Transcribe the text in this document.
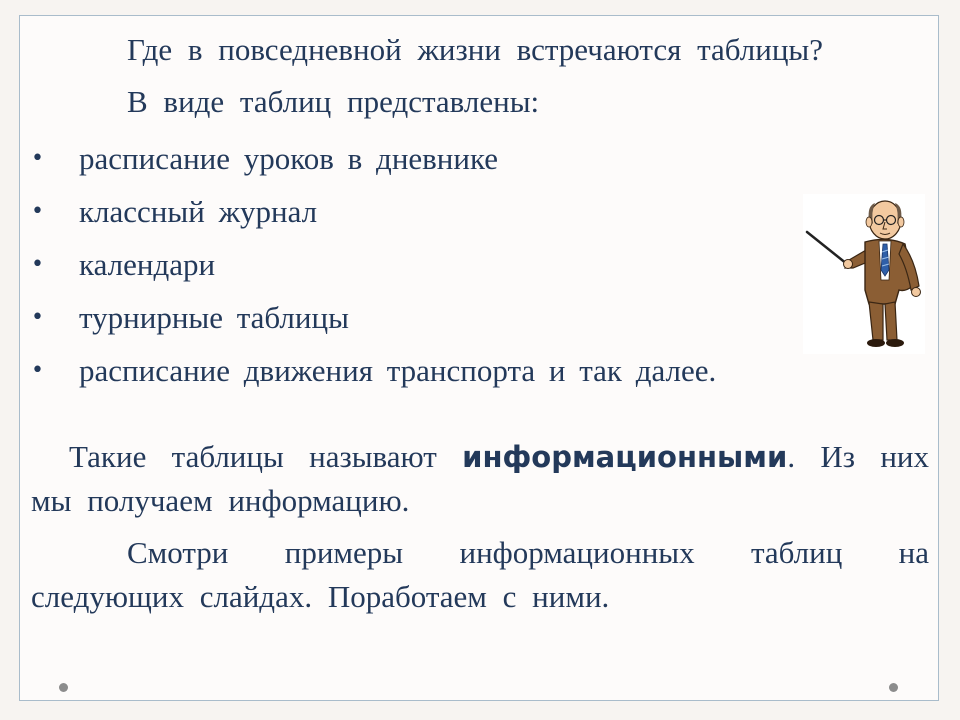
Где в повседневной жизни встречаются таблицы?
В виде таблиц представлены:
• расписание уроков в дневнике
• классный журнал
• календари
• турнирные таблицы
• расписание движения транспорта и так далее.
Такие таблицы называют информационными. Из них мы получаем информацию.
Смотри примеры информационных таблиц на следующих слайдах. Поработаем с ними.
